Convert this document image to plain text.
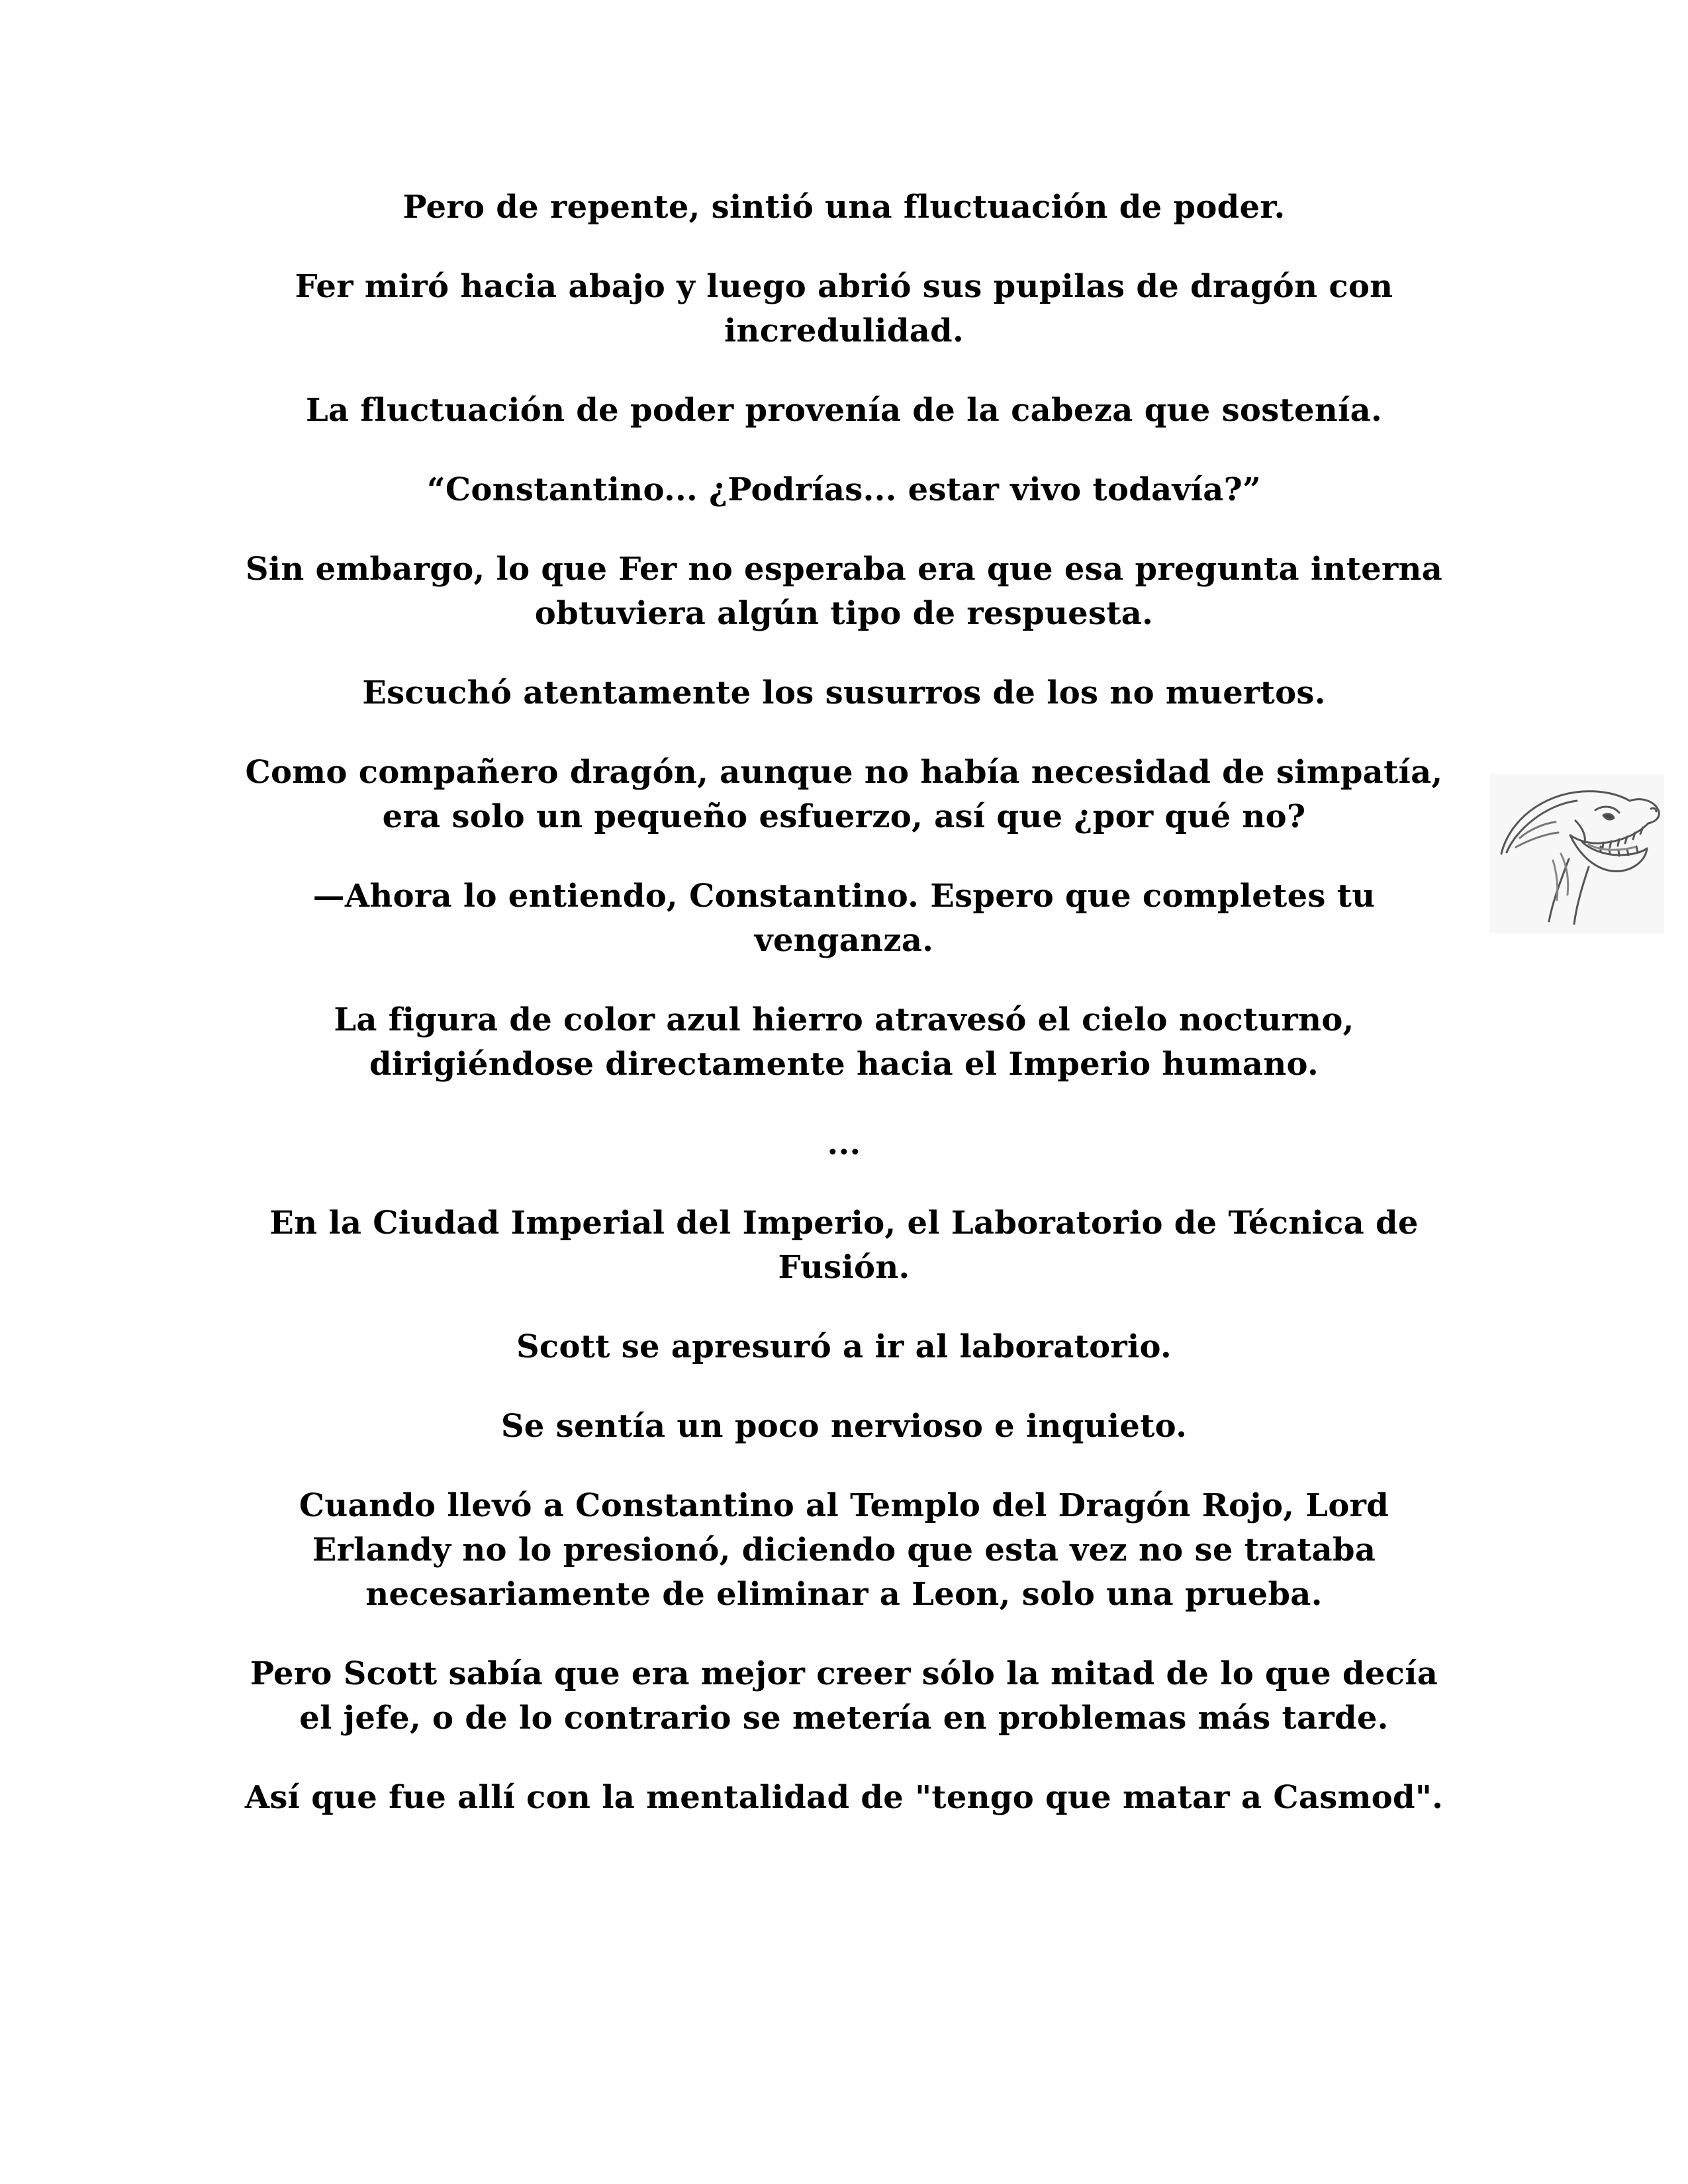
Pero de repente, sintió una fluctuación de poder.

Fer miró hacia abajo y luego abrió sus pupilas de dragón con incredulidad.

La fluctuación de poder provenía de la cabeza que sostenía.

“Constantino... ¿Podrías... estar vivo todavía?”

Sin embargo, lo que Fer no esperaba era que esa pregunta interna obtuviera algún tipo de respuesta.

Escuchó atentamente los susurros de los no muertos.

Como compañero dragón, aunque no había necesidad de simpatía, era solo un pequeño esfuerzo, así que ¿por qué no?

—Ahora lo entiendo, Constantino. Espero que completes tu venganza.

La figura de color azul hierro atravesó el cielo nocturno, dirigiéndose directamente hacia el Imperio humano.

...

En la Ciudad Imperial del Imperio, el Laboratorio de Técnica de Fusión.

Scott se apresuró a ir al laboratorio.

Se sentía un poco nervioso e inquieto.

Cuando llevó a Constantino al Templo del Dragón Rojo, Lord Erlandy no lo presionó, diciendo que esta vez no se trataba necesariamente de eliminar a Leon, solo una prueba.

Pero Scott sabía que era mejor creer sólo la mitad de lo que decía el jefe, o de lo contrario se metería en problemas más tarde.

Así que fue allí con la mentalidad de "tengo que matar a Casmod".
